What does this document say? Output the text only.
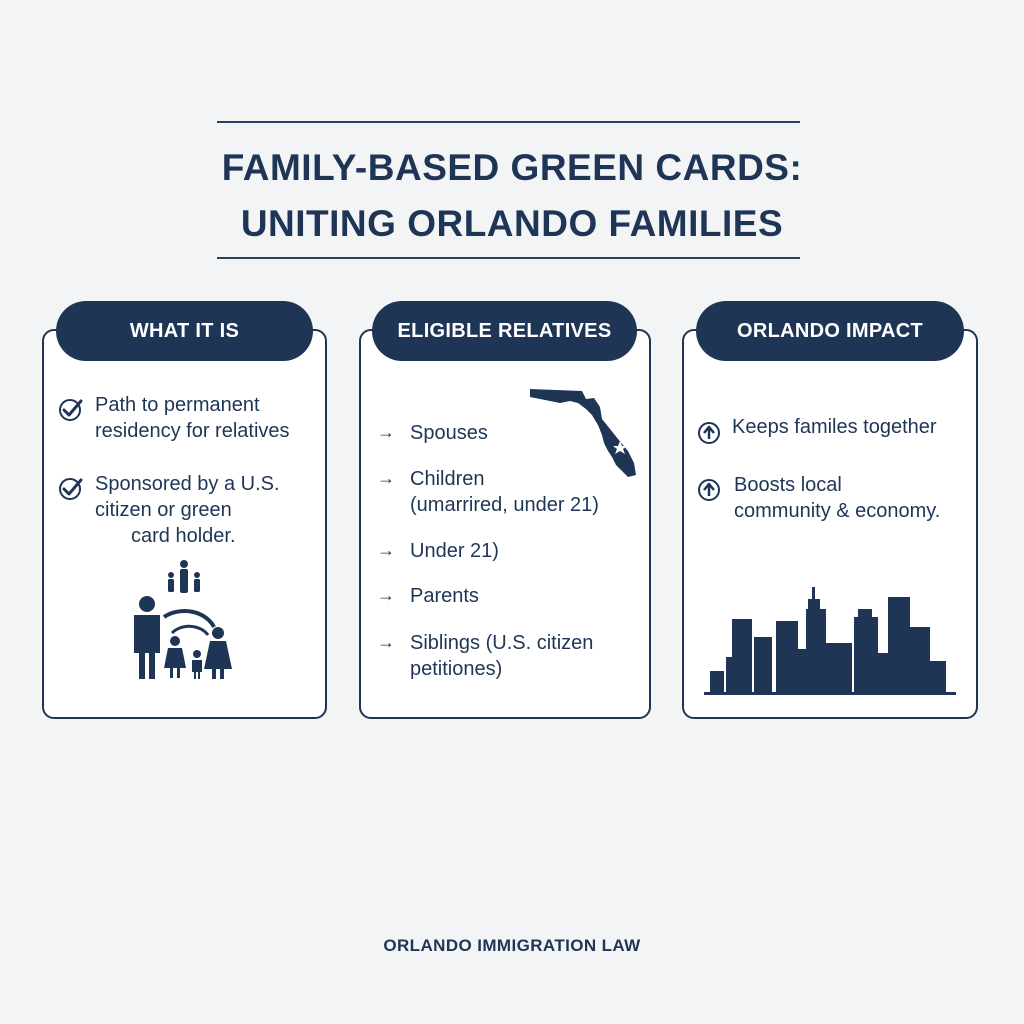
FAMILY-BASED GREEN CARDS:
UNITING ORLANDO FAMILIES
WHAT IT IS
Path to permanent
residency for relatives
Sponsored by a U.S.
citizen or green
card holder.
ELIGIBLE RELATIVES
→ Spouses
→ Children
(umarrired, under 21)
→ Under 21)
→ Parents
→ Siblings (U.S. citizen
petitiones)
ORLANDO IMPACT
Keeps familes together
Boosts local
community & economy.
ORLANDO IMMIGRATION LAW
